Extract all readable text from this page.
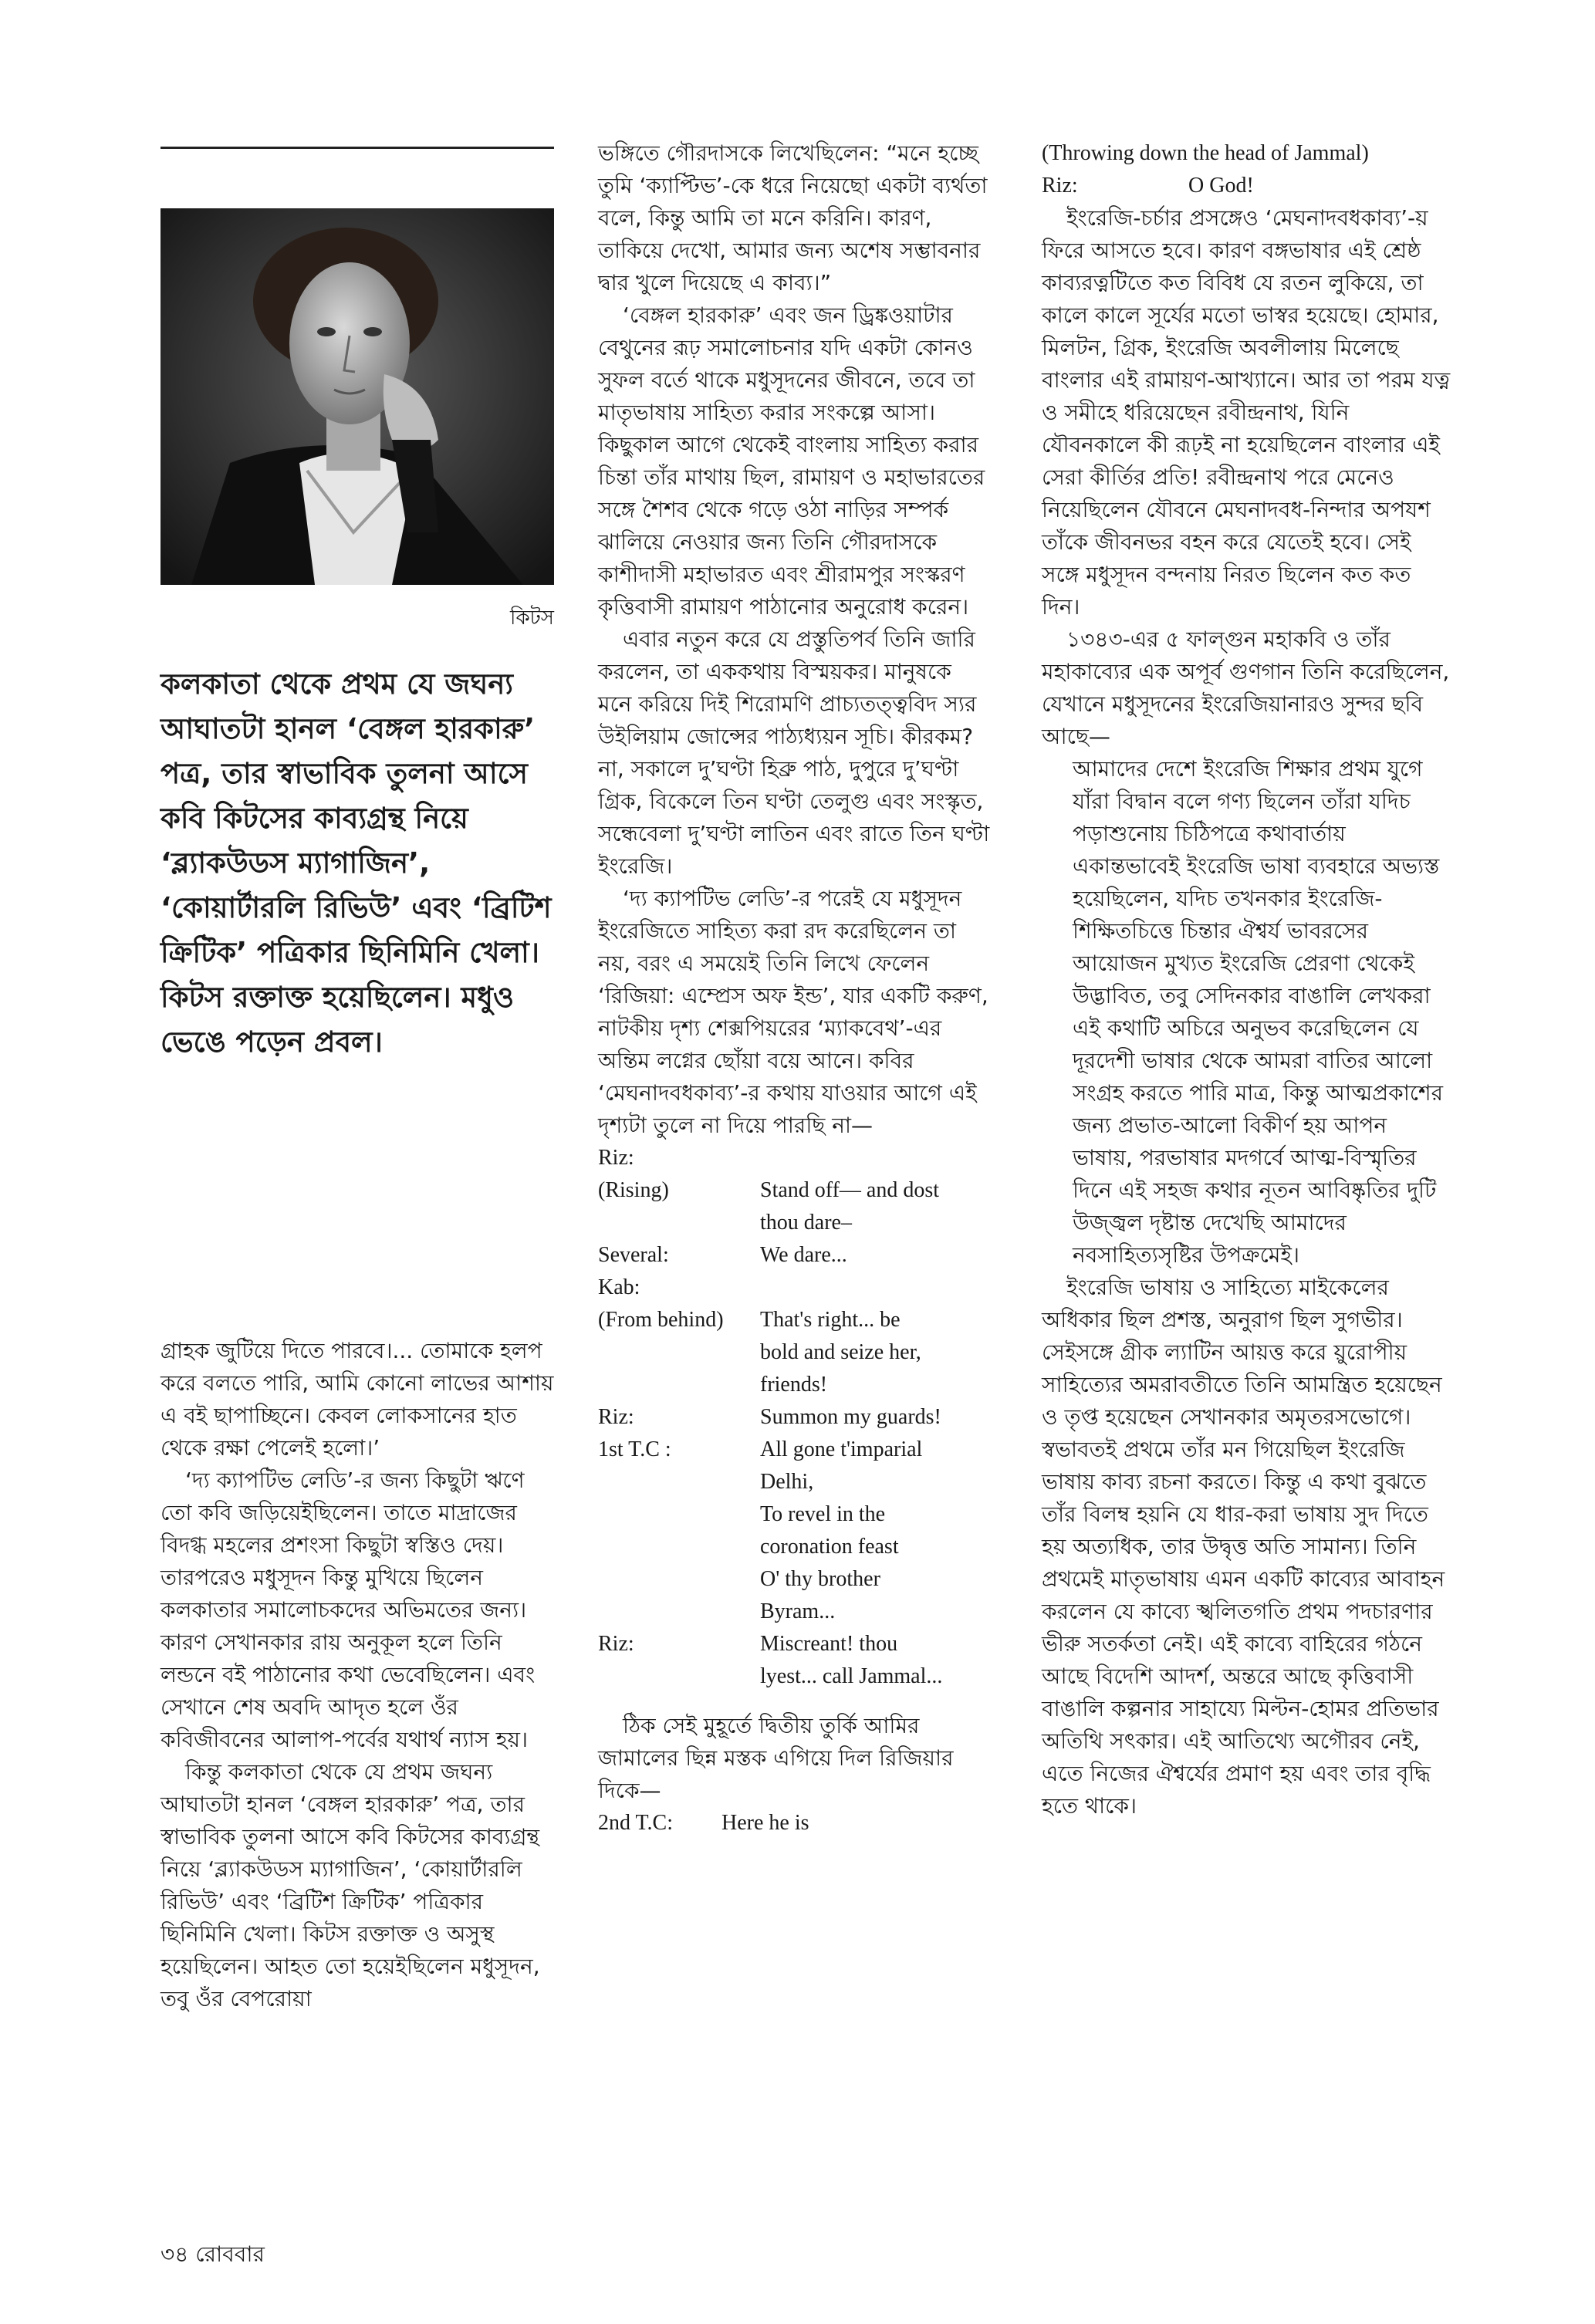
কিটস
কলকাতা থেকে প্রথম যে জঘন্য আঘাতটা হানল ‘বেঙ্গল হারকারু’ পত্র, তার স্বাভাবিক তুলনা আসে কবি কিটসের কাব্যগ্রন্থ নিয়ে ‘ব্ল্যাকউডস ম্যাগাজিন’, ‘কোয়ার্টারলি রিভিউ’ এবং ‘ব্রিটিশ ক্রিটিক’ পত্রিকার ছিনিমিনি খেলা। কিটস রক্তাক্ত হয়েছিলেন। মধুও ভেঙে পড়েন প্রবল।

গ্রাহক জুটিয়ে দিতে পারবে।... তোমাকে হলপ করে বলতে পারি, আমি কোনো লাভের আশায় এ বই ছাপাচ্ছিনে। কেবল লোকসানের হাত থেকে রক্ষা পেলেই হলো।’

‘দ্য ক্যাপটিভ লেডি’-র জন্য কিছুটা ঋণে তো কবি জড়িয়েইছিলেন। তাতে মাদ্রাজের বিদগ্ধ মহলের প্রশংসা কিছুটা স্বস্তিও দেয়। তারপরেও মধুসূদন কিন্তু মুখিয়ে ছিলেন কলকাতার সমালোচকদের অভিমতের জন্য। কারণ সেখানকার রায় অনুকূল হলে তিনি লন্ডনে বই পাঠানোর কথা ভেবেছিলেন। এবং সেখানে শেষ অবদি আদৃত হলে ওঁর কবিজীবনের আলাপ-পর্বের যথার্থ ন্যাস হয়।

কিন্তু কলকাতা থেকে যে প্রথম জঘন্য আঘাতটা হানল ‘বেঙ্গল হারকারু’ পত্র, তার স্বাভাবিক তুলনা আসে কবি কিটসের কাব্যগ্রন্থ নিয়ে ‘ব্ল্যাকউডস ম্যাগাজিন’, ‘কোয়ার্টারলি রিভিউ’ এবং ‘ব্রিটিশ ক্রিটিক’ পত্রিকার ছিনিমিনি খেলা। কিটস রক্তাক্ত ও অসুস্থ হয়েছিলেন। আহত তো হয়েইছিলেন মধুসূদন, তবু ওঁর বেপরোয়া

ভঙ্গিতে গৌরদাসকে লিখেছিলেন: “মনে হচ্ছে তুমি ‘ক্যাপ্টিভ’-কে ধরে নিয়েছো একটা ব্যর্থতা বলে, কিন্তু আমি তা মনে করিনি। কারণ, তাকিয়ে দেখো, আমার জন্য অশেষ সম্ভাবনার দ্বার খুলে দিয়েছে এ কাব্য।”

‘বেঙ্গল হারকারু’ এবং জন ড্রিঙ্কওয়াটার বেথুনের রূঢ় সমালোচনার যদি একটা কোনও সুফল বর্তে থাকে মধুসূদনের জীবনে, তবে তা মাতৃভাষায় সাহিত্য করার সংকল্পে আসা। কিছুকাল আগে থেকেই বাংলায় সাহিত্য করার চিন্তা তাঁর মাথায় ছিল, রামায়ণ ও মহাভারতের সঙ্গে শৈশব থেকে গড়ে ওঠা নাড়ির সম্পর্ক ঝালিয়ে নেওয়ার জন্য তিনি গৌরদাসকে কাশীদাসী মহাভারত এবং শ্রীরামপুর সংস্করণ কৃত্তিবাসী রামায়ণ পাঠানোর অনুরোধ করেন।

এবার নতুন করে যে প্রস্তুতিপর্ব তিনি জারি করলেন, তা এককথায় বিস্ময়কর। মানুষকে মনে করিয়ে দিই শিরোমণি প্রাচ্যতত্ত্ববিদ স্যর উইলিয়াম জোন্সের পাঠ্যধ্যয়ন সূচি। কীরকম? না, সকালে দু’ঘণ্টা হিব্রু পাঠ, দুপুরে দু’ঘণ্টা গ্রিক, বিকেলে তিন ঘণ্টা তেলুগু এবং সংস্কৃত, সন্ধেবেলা দু’ঘণ্টা লাতিন এবং রাতে তিন ঘণ্টা ইংরেজি।

‘দ্য ক্যাপটিভ লেডি’-র পরেই যে মধুসূদন ইংরেজিতে সাহিত্য করা রদ করেছিলেন তা নয়, বরং এ সময়েই তিনি লিখে ফেলেন ‘রিজিয়া: এম্প্রেস অফ ইন্ড’, যার একটি করুণ, নাটকীয় দৃশ্য শেক্সপিয়রের ‘ম্যাকবেথ’-এর অন্তিম লগ্নের ছোঁয়া বয়ে আনে। কবির ‘মেঘনাদবধকাব্য’-র কথায় যাওয়ার আগে এই দৃশ্যটা তুলে না দিয়ে পারছি না—

Riz:
(Rising)	Stand off— and dost
thou dare–
Several:	We dare...
Kab:
(From behind)	That's right... be
bold and seize her,
friends!
Riz:	Summon my guards!
1st T.C :	All gone t'imparial
Delhi,
To revel in the
coronation feast
O' thy brother
Byram...
Riz:	Miscreant! thou
lyest... call Jammal...

ঠিক সেই মুহূর্তে দ্বিতীয় তুর্কি আমির জামালের ছিন্ন মস্তক এগিয়ে দিল রিজিয়ার দিকে—

2nd T.C:	Here he is
(Throwing down the head of Jammal)
Riz:	O God!

ইংরেজি-চর্চার প্রসঙ্গেও ‘মেঘনাদবধকাব্য’-য় ফিরে আসতে হবে। কারণ বঙ্গভাষার এই শ্রেষ্ঠ কাব্যরত্নটিতে কত বিবিধ যে রতন লুকিয়ে, তা কালে কালে সূর্যের মতো ভাস্বর হয়েছে। হোমার, মিলটন, গ্রিক, ইংরেজি অবলীলায় মিলেছে বাংলার এই রামায়ণ-আখ্যানে। আর তা পরম যত্ন ও সমীহে ধরিয়েছেন রবীন্দ্রনাথ, যিনি যৌবনকালে কী রূঢ়ই না হয়েছিলেন বাংলার এই সেরা কীর্তির প্রতি! রবীন্দ্রনাথ পরে মেনেও নিয়েছিলেন যৌবনে মেঘনাদবধ-নিন্দার অপযশ তাঁকে জীবনভর বহন করে যেতেই হবে। সেই সঙ্গে মধুসূদন বন্দনায় নিরত ছিলেন কত কত দিন।

১৩৪৩-এর ৫ ফাল্গুন মহাকবি ও তাঁর মহাকাব্যের এক অপূর্ব গুণগান তিনি করেছিলেন, যেখানে মধুসূদনের ইংরেজিয়ানারও সুন্দর ছবি আছে—

আমাদের দেশে ইংরেজি শিক্ষার প্রথম যুগে যাঁরা বিদ্বান বলে গণ্য ছিলেন তাঁরা যদিচ পড়াশুনোয় চিঠিপত্রে কথাবার্তায় একান্তভাবেই ইংরেজি ভাষা ব্যবহারে অভ্যস্ত হয়েছিলেন, যদিচ তখনকার ইংরেজি-শিক্ষিতচিত্তে চিন্তার ঐশ্বর্য ভাবরসের আয়োজন মুখ্যত ইংরেজি প্রেরণা থেকেই উদ্ভাবিত, তবু সেদিনকার বাঙালি লেখকরা এই কথাটি অচিরে অনুভব করেছিলেন যে দূরদেশী ভাষার থেকে আমরা বাতির আলো সংগ্রহ করতে পারি মাত্র, কিন্তু আত্মপ্রকাশের জন্য প্রভাত-আলো বিকীর্ণ হয় আপন ভাষায়, পরভাষার মদগর্বে আত্ম-বিস্মৃতির দিনে এই সহজ কথার নূতন আবিষ্কৃতির দুটি উজ্জ্বল দৃষ্টান্ত দেখেছি আমাদের নবসাহিত্যসৃষ্টির উপক্রমেই।

ইংরেজি ভাষায় ও সাহিত্যে মাইকেলের অধিকার ছিল প্রশস্ত, অনুরাগ ছিল সুগভীর। সেইসঙ্গে গ্রীক ল্যাটিন আয়ত্ত করে য়ুরোপীয় সাহিত্যের অমরাবতীতে তিনি আমন্ত্রিত হয়েছেন ও তৃপ্ত হয়েছেন সেখানকার অমৃতরসভোগে। স্বভাবতই প্রথমে তাঁর মন গিয়েছিল ইংরেজি ভাষায় কাব্য রচনা করতে। কিন্তু এ কথা বুঝতে তাঁর বিলম্ব হয়নি যে ধার-করা ভাষায় সুদ দিতে হয় অত্যধিক, তার উদ্বৃত্ত অতি সামান্য। তিনি প্রথমেই মাতৃভাষায় এমন একটি কাব্যের আবাহন করলেন যে কাব্যে স্খলিতগতি প্রথম পদচারণার ভীরু সতর্কতা নেই। এই কাব্যে বাহিরের গঠনে আছে বিদেশি আদর্শ, অন্তরে আছে কৃত্তিবাসী বাঙালি কল্পনার সাহায্যে মিল্টন-হোমর প্রতিভার অতিথি সৎকার। এই আতিথ্যে অগৌরব নেই, এতে নিজের ঐশ্বর্যের প্রমাণ হয় এবং তার বৃদ্ধি হতে থাকে।

৩৪ রোববার
